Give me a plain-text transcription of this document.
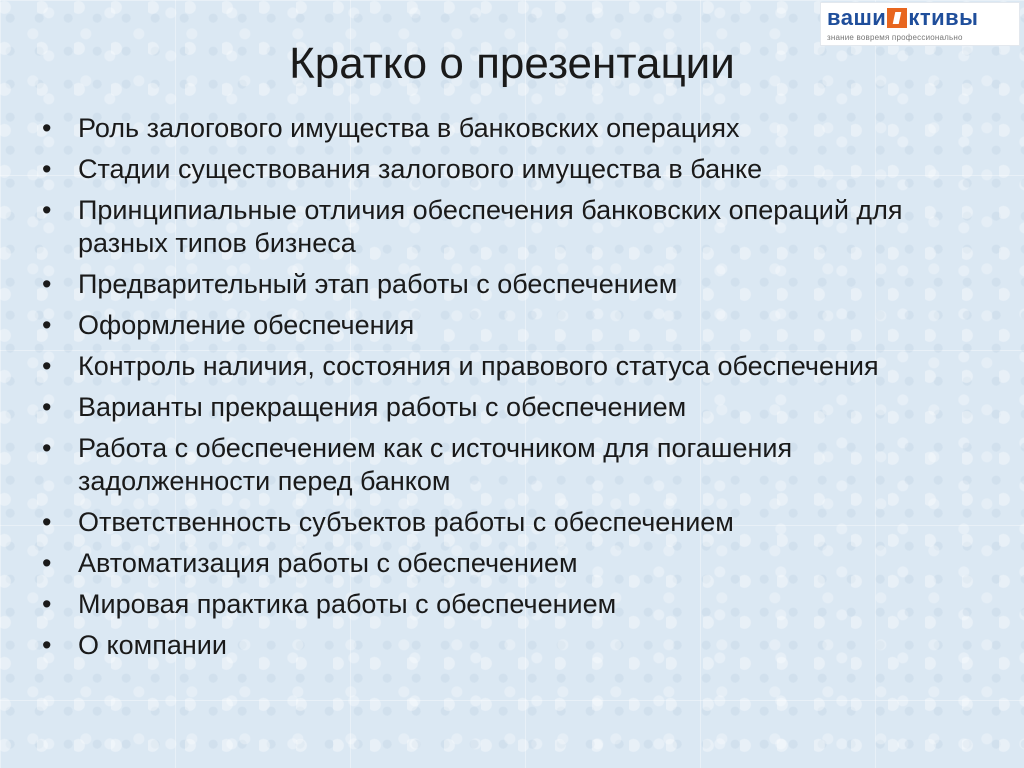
ваши ктивы
знание вовремя профессионально
Кратко о презентации
• Роль залогового имущества в банковских операциях
• Стадии существования залогового имущества в банке
• Принципиальные отличия обеспечения банковских операций для разных типов бизнеса
• Предварительный этап работы с обеспечением
• Оформление обеспечения
• Контроль наличия, состояния и правового статуса обеспечения
• Варианты прекращения работы с обеспечением
• Работа с обеспечением как с источником для погашения задолженности перед банком
• Ответственность субъектов работы с обеспечением
• Автоматизация работы с обеспечением
• Мировая практика работы с обеспечением
• О компании
